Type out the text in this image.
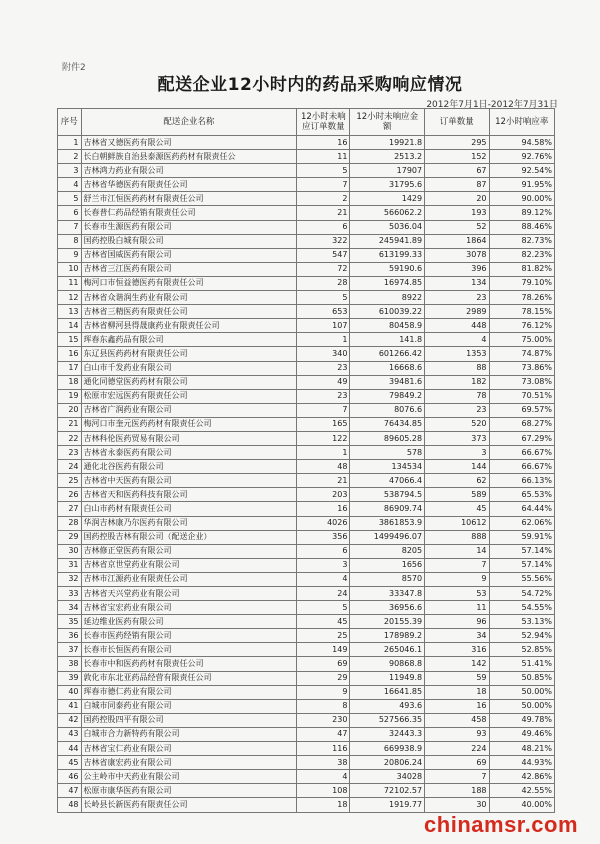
附件2
配送企业12小时内的药品采购响应情况
2012年7月1日-2012年7月31日
序号	配送企业名称	12小时未响应订单数量	12小时未响应金额	订单数量	12小时响应率
1	吉林省又德医药有限公司	16	19921.8	295	94.58%
2	长白朝鲜族自治县泰源医药药材有限责任公	11	2513.2	152	92.76%
3	吉林鸿力药业有限公司	5	17907	67	92.54%
4	吉林省华德医药有限责任公司	7	31795.6	87	91.95%
5	舒兰市江恒医药药材有限责任公司	2	1429	20	90.00%
6	长春普仁药品经销有限责任公司	21	566062.2	193	89.12%
7	长春市生源医药有限公司	6	5036.04	52	88.46%
8	国药控股白城有限公司	322	245941.89	1864	82.73%
9	吉林省国威医药有限公司	547	613199.33	3078	82.23%
10	吉林省三江医药有限公司	72	59190.6	396	81.82%
11	梅河口市恒益德医药有限责任公司	28	16974.85	134	79.10%
12	吉林省众谐润生药业有限公司	5	8922	23	78.26%
13	吉林省三精医药有限责任公司	653	610039.22	2989	78.15%
14	吉林省柳河县得晟康药业有限责任公司	107	80458.9	448	76.12%
15	珲春东鑫药品有限公司	1	141.8	4	75.00%
16	东辽县医药药材有限责任公司	340	601266.42	1353	74.87%
17	白山市千发药业有限公司	23	16668.6	88	73.86%
18	通化同德堂医药药材有限公司	49	39481.6	182	73.08%
19	松原市宏远医药有限责任公司	23	79849.2	78	70.51%
20	吉林省广润药业有限公司	7	8076.6	23	69.57%
21	梅河口市奎元医药药材有限责任公司	165	76434.85	520	68.27%
22	吉林科伦医药贸易有限公司	122	89605.28	373	67.29%
23	吉林省永泰医药有限公司	1	578	3	66.67%
24	通化北谷医药有限公司	48	134534	144	66.67%
25	吉林省中天医药有限公司	21	47066.4	62	66.13%
26	吉林省天和医药科技有限公司	203	538794.5	589	65.53%
27	白山市药材有限责任公司	16	86909.74	45	64.44%
28	华润吉林康乃尔医药有限公司	4026	3861853.9	10612	62.06%
29	国药控股吉林有限公司（配送企业）	356	1499496.07	888	59.91%
30	吉林修正堂医药有限公司	6	8205	14	57.14%
31	吉林省京世堂药业有限公司	3	1656	7	57.14%
32	吉林市江源药业有限责任公司	4	8570	9	55.56%
33	吉林省天兴堂药业有限公司	24	33347.8	53	54.72%
34	吉林省宝宏药业有限公司	5	36956.6	11	54.55%
35	延边维业医药有限公司	45	20155.39	96	53.13%
36	长春市医药经销有限公司	25	178989.2	34	52.94%
37	长春市长恒医药有限公司	149	265046.1	316	52.85%
38	长春市中和医药药材有限责任公司	69	90868.8	142	51.41%
39	敦化市东北亚药品经营有限责任公司	29	11949.8	59	50.85%
40	珲春市德仁药业有限公司	9	16641.85	18	50.00%
41	白城市同泰药业有限公司	8	493.6	16	50.00%
42	国药控股四平有限公司	230	527566.35	458	49.78%
43	白城市合力新特药有限公司	47	32443.3	93	49.46%
44	吉林省宝仁药业有限公司	116	669938.9	224	48.21%
45	吉林省康宏药业有限公司	38	20806.24	69	44.93%
46	公主岭市中天药业有限公司	4	34028	7	42.86%
47	松原市康华医药有限公司	108	72102.57	188	42.55%
48	长岭县长新医药有限责任公司	18	1919.77	30	40.00%
chinamsr.com
